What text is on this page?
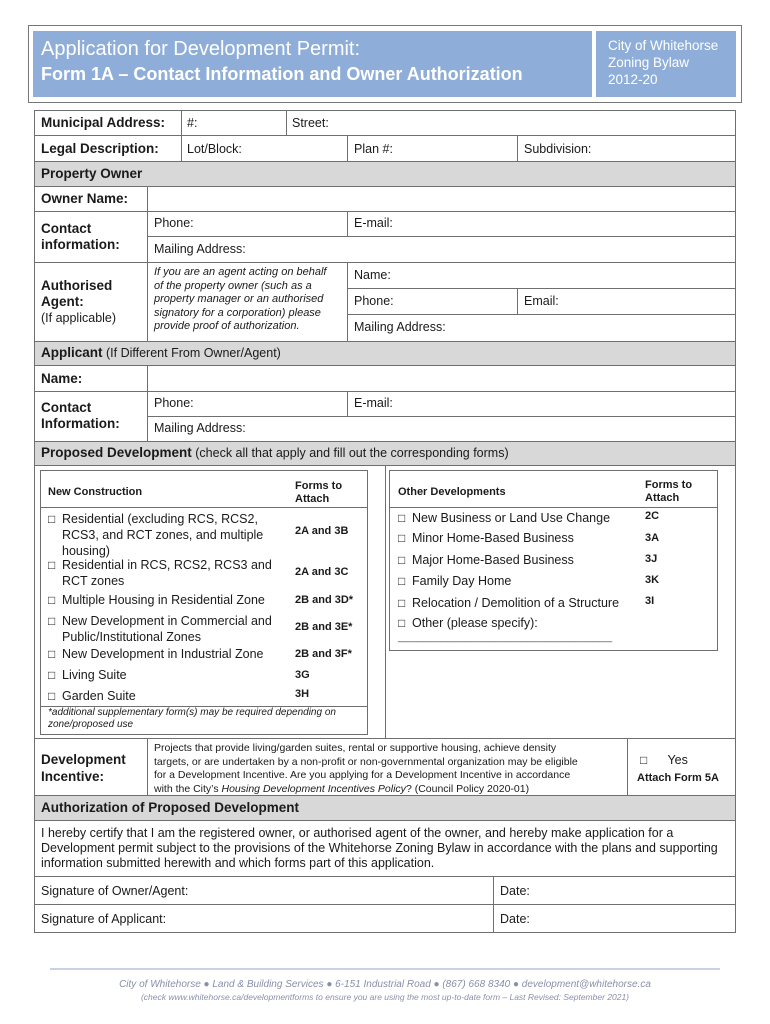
Application for Development Permit:
Form 1A – Contact Information and Owner Authorization
City of Whitehorse
Zoning Bylaw
2012-20
Municipal Address: #:	Street:
Legal Description: Lot/Block:	Plan #:	Subdivision:
Property Owner
Owner Name:
Contact
information:
Phone:	E-mail:
Mailing Address:
Authorised
Agent:
(If applicable)
If you are an agent acting on behalf
of the property owner (such as a
property manager or an authorised
signatory for a corporation) please
provide proof of authorization.
Name:
Phone:	Email:
Mailing Address:
Applicant (If Different From Owner/Agent)
Name:
Contact
Information:
Phone:	E-mail:
Mailing Address:
Proposed Development (check all that apply and fill out the corresponding forms)
New Construction	Forms to
Attach
Other Developments
Forms to
Attach
□ Residential (excluding RCS, RCS2,
RCS3, and RCT zones, and multiple
housing)
2A and 3B
□ Residential in RCS, RCS2, RCS3 and
RCT zones
2A and 3C
□ Multiple Housing in Residential Zone	2B and 3D*
□ New Development in Commercial and
Public/Institutional Zones
2B and 3E*
□ New Development in Industrial Zone	2B and 3F*
□ Living Suite	3G
□ Garden Suite	3H
*additional supplementary form(s) may be required depending on
zone/proposed use
□ New Business or Land Use Change	2C
□ Minor Home-Based Business	3A
□ Major Home-Based Business	3J
□ Family Day Home	3K
□ Relocation / Demolition of a Structure 3I
□ Other (please specify):
___________________________________
Development
Incentive:
Projects that provide living/garden suites, rental or supportive housing, achieve density
targets, or are undertaken by a non-profit or non-governmental organization may be eligible
for a Development Incentive. Are you applying for a Development Incentive in accordance
with the City’s Housing Development Incentives Policy? (Council Policy 2020-01)
□ Yes
Attach Form 5A
Authorization of Proposed Development
I hereby certify that I am the registered owner, or authorised agent of the owner, and hereby make application for a
Development permit subject to the provisions of the Whitehorse Zoning Bylaw in accordance with the plans and supporting
information submitted herewith and which forms part of this application.
Signature of Owner/Agent:	Date:
Signature of Applicant:	Date:
City of Whitehorse ● Land & Building Services ● 6-151 Industrial Road ● (867) 668 8340 ● development@whitehorse.ca
(check www.whitehorse.ca/developmentforms to ensure you are using the most up-to-date form – Last Revised: September 2021)
